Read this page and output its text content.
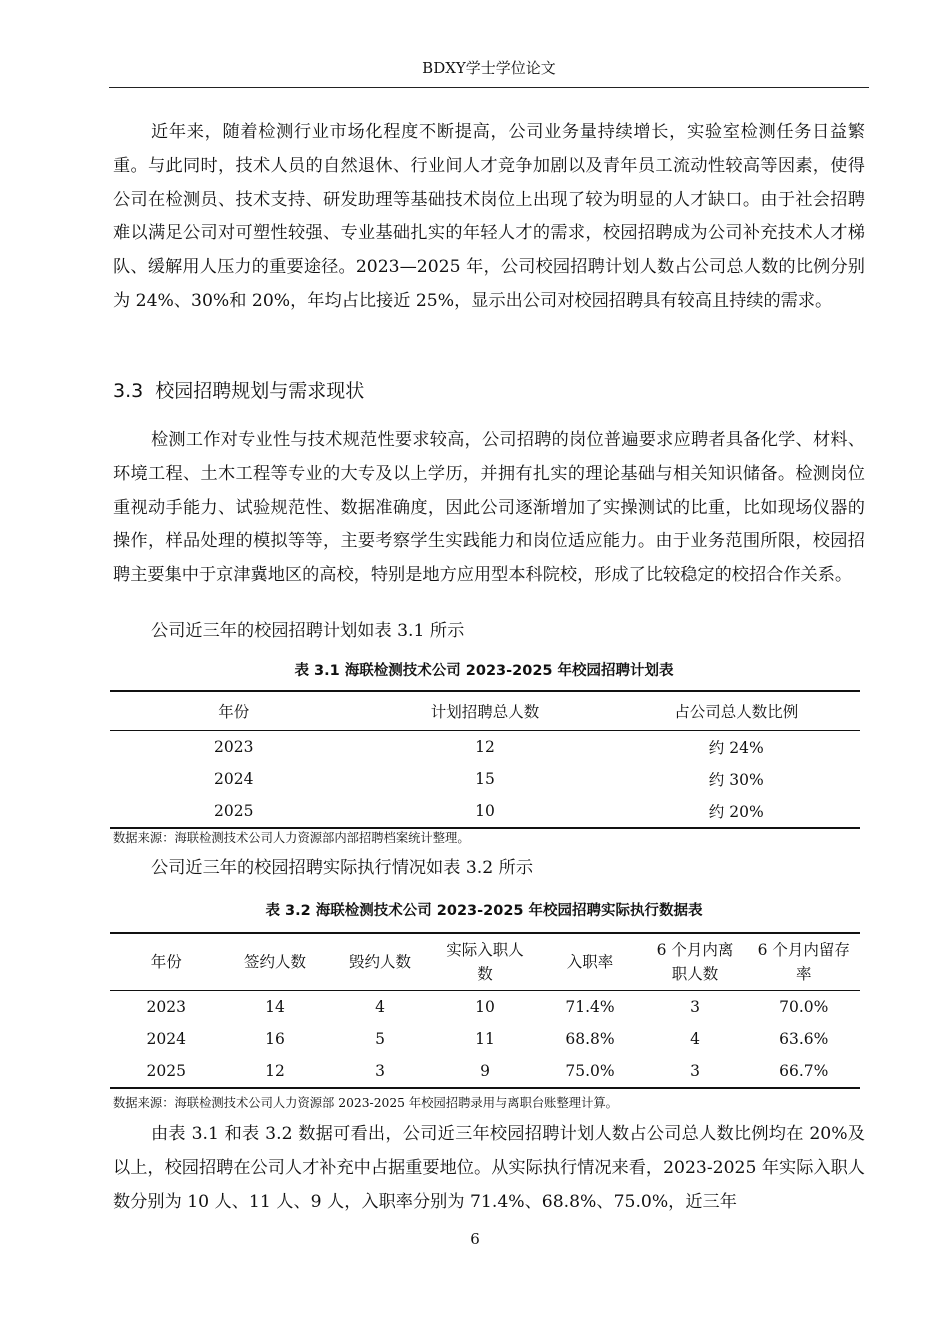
BDXY学士学位论文

近年来，随着检测行业市场化程度不断提高，公司业务量持续增长，实验室检测任务日益繁重。与此同时，技术人员的自然退休、行业间人才竞争加剧以及青年员工流动性较高等因素，使得公司在检测员、技术支持、研发助理等基础技术岗位上出现了较为明显的人才缺口。由于社会招聘难以满足公司对可塑性较强、专业基础扎实的年轻人才的需求，校园招聘成为公司补充技术人才梯队、缓解用人压力的重要途径。2023—2025 年，公司校园招聘计划人数占公司总人数的比例分别为 24%、30%和 20%，年均占比接近 25%，显示出公司对校园招聘具有较高且持续的需求。

3.3 校园招聘规划与需求现状

检测工作对专业性与技术规范性要求较高，公司招聘的岗位普遍要求应聘者具备化学、材料、环境工程、土木工程等专业的大专及以上学历，并拥有扎实的理论基础与相关知识储备。检测岗位重视动手能力、试验规范性、数据准确度，因此公司逐渐增加了实操测试的比重，比如现场仪器的操作，样品处理的模拟等等，主要考察学生实践能力和岗位适应能力。由于业务范围所限，校园招聘主要集中于京津冀地区的高校，特别是地方应用型本科院校，形成了比较稳定的校招合作关系。

公司近三年的校园招聘计划如表 3.1 所示
表 3.1 海联检测技术公司 2023-2025 年校园招聘计划表
年份	计划招聘总人数	占公司总人数比例
2023	12	约 24%
2024	15	约 30%
2025	10	约 20%
数据来源：海联检测技术公司人力资源部内部招聘档案统计整理。
公司近三年的校园招聘实际执行情况如表 3.2 所示
表 3.2 海联检测技术公司 2023-2025 年校园招聘实际执行数据表
年份	签约人数	毁约人数	实际入职人数	入职率	6 个月内离职人数	6 个月内留存率
2023	14	4	10	71.4%	3	70.0%
2024	16	5	11	68.8%	4	63.6%
2025	12	3	9	75.0%	3	66.7%
数据来源：海联检测技术公司人力资源部 2023-2025 年校园招聘录用与离职台账整理计算。

由表 3.1 和表 3.2 数据可看出，公司近三年校园招聘计划人数占公司总人数比例均在 20%及以上，校园招聘在公司人才补充中占据重要地位。从实际执行情况来看，2023-2025 年实际入职人数分别为 10 人、11 人、9 人，入职率分别为 71.4%、68.8%、75.0%，近三年

6
